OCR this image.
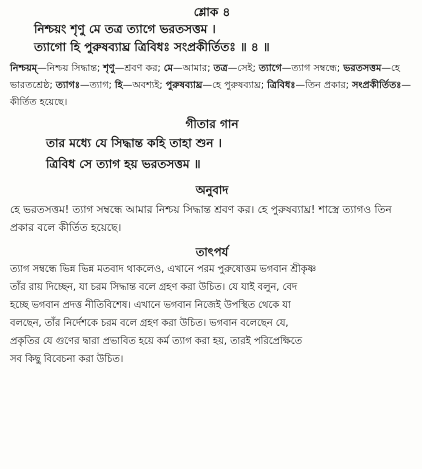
শ্লোক ৪

নিশ্চয়ং শৃণু মে তত্র ত্যাগে ভরতসত্তম ।

ত্যাগো হি পুরুষব্যাঘ্র ত্রিবিধঃ সংপ্রকীর্তিতঃ ॥ ৪ ॥

নিশ্চয়ম্—নিশ্চয় সিদ্ধান্ত; শৃণু—শ্রবণ কর; মে—আমার; তত্র—সেই; ত্যাগে—ত্যাগ সম্বন্ধে; ভরতসত্তম—হে ভারতশ্রেষ্ঠ; ত্যাগঃ—ত্যাগ; হি—অবশ্যই; পুরুষব্যাঘ্র—হে পুরুষব্যাঘ্র; ত্রিবিধঃ—তিন প্রকার; সংপ্রকীর্তিতঃ—কীর্তিত হয়েছে।

গীতার গান

তার মধ্যে যে সিদ্ধান্ত কহি তাহা শুন ।

ত্রিবিধ সে ত্যাগ হয় ভরতসত্তম ॥

অনুবাদ

হে ভরতসত্তম! ত্যাগ সম্বন্ধে আমার নিশ্চয় সিদ্ধান্ত শ্রবণ কর। হে পুরুষব্যাঘ্র! শাস্ত্রে ত্যাগও তিন প্রকার বলে কীর্তিত হয়েছে।

তাৎপর্য

ত্যাগ সম্বন্ধে ভিন্ন ভিন্ন মতবাদ থাকলেও, এখানে পরম পুরুষোত্তম ভগবান শ্রীকৃষ্ণ

তাঁর রায় দিচ্ছেন, যা চরম সিদ্ধান্ত বলে গ্রহণ করা উচিত। যে যাই বলুন, বেদ

হচ্ছে ভগবান প্রদত্ত নীতিবিশেষ। এখানে ভগবান নিজেই উপস্থিত থেকে যা

বলছেন, তাঁর নির্দেশকে চরম বলে গ্রহণ করা উচিত। ভগবান বলেছেন যে,

প্রকৃতির যে গুণের দ্বারা প্রভাবিত হয়ে কর্ম ত্যাগ করা হয়, তারই পরিপ্রেক্ষিতে

সব কিছু বিবেচনা করা উচিত।
